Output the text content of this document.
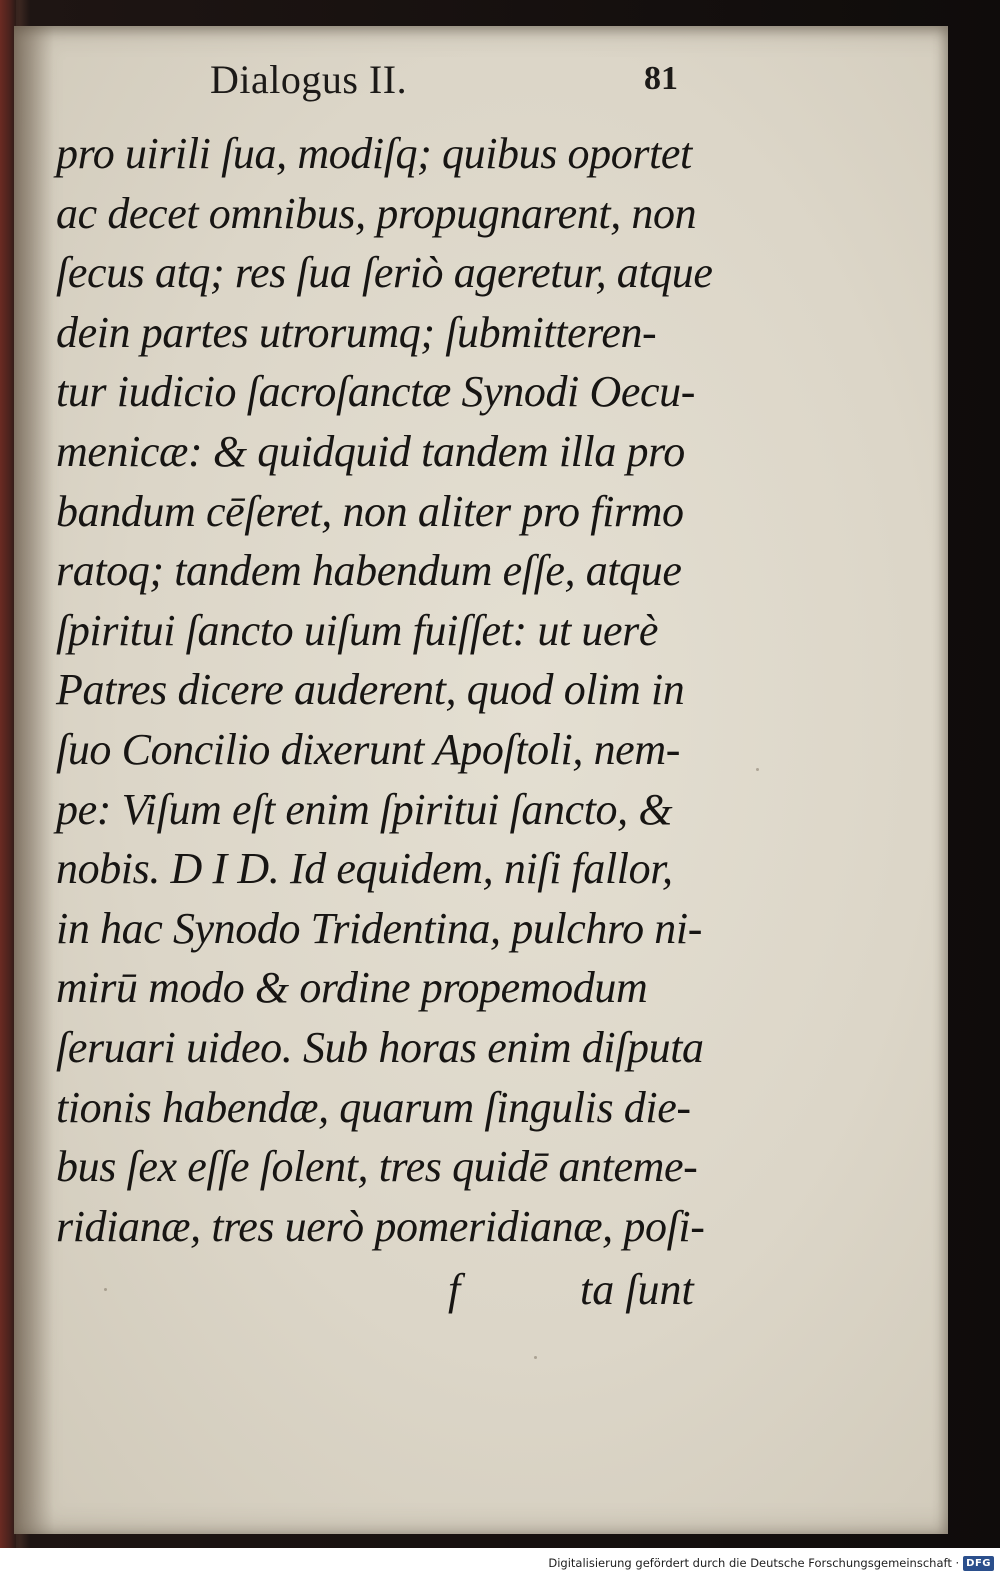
Dialogus II.	81
pro uirili ſua, modiſq; quibus oportet
ac decet omnibus, propugnarent, non
ſecus atq; res ſua ſeriò ageretur, atque
dein partes utrorumq; ſubmitteren-
tur iudicio ſacroſanctæ Synodi Oecu-
menicæ: & quidquid tandem illa pro
bandum cēſeret, non aliter pro firmo
ratoq; tandem habendum eſſe, atque
ſpiritui ſancto uiſum fuiſſet: ut uerè
Patres dicere auderent, quod olim in
ſuo Concilio dixerunt Apoſtoli, nem-
pe: Viſum eſt enim ſpiritui ſancto, &
nobis. D I D. Id equidem, niſi fallor,
in hac Synodo Tridentina, pulchro ni-
mirū modo & ordine propemodum
ſeruari uideo. Sub horas enim diſputa
tionis habendæ, quarum ſingulis die-
bus ſex eſſe ſolent, tres quidē anteme-
ridianæ, tres uerò pomeridianæ, poſi-
f	ta ſunt
Digitalisierung gefördert durch die Deutsche Forschungsgemeinschaft · DFG
